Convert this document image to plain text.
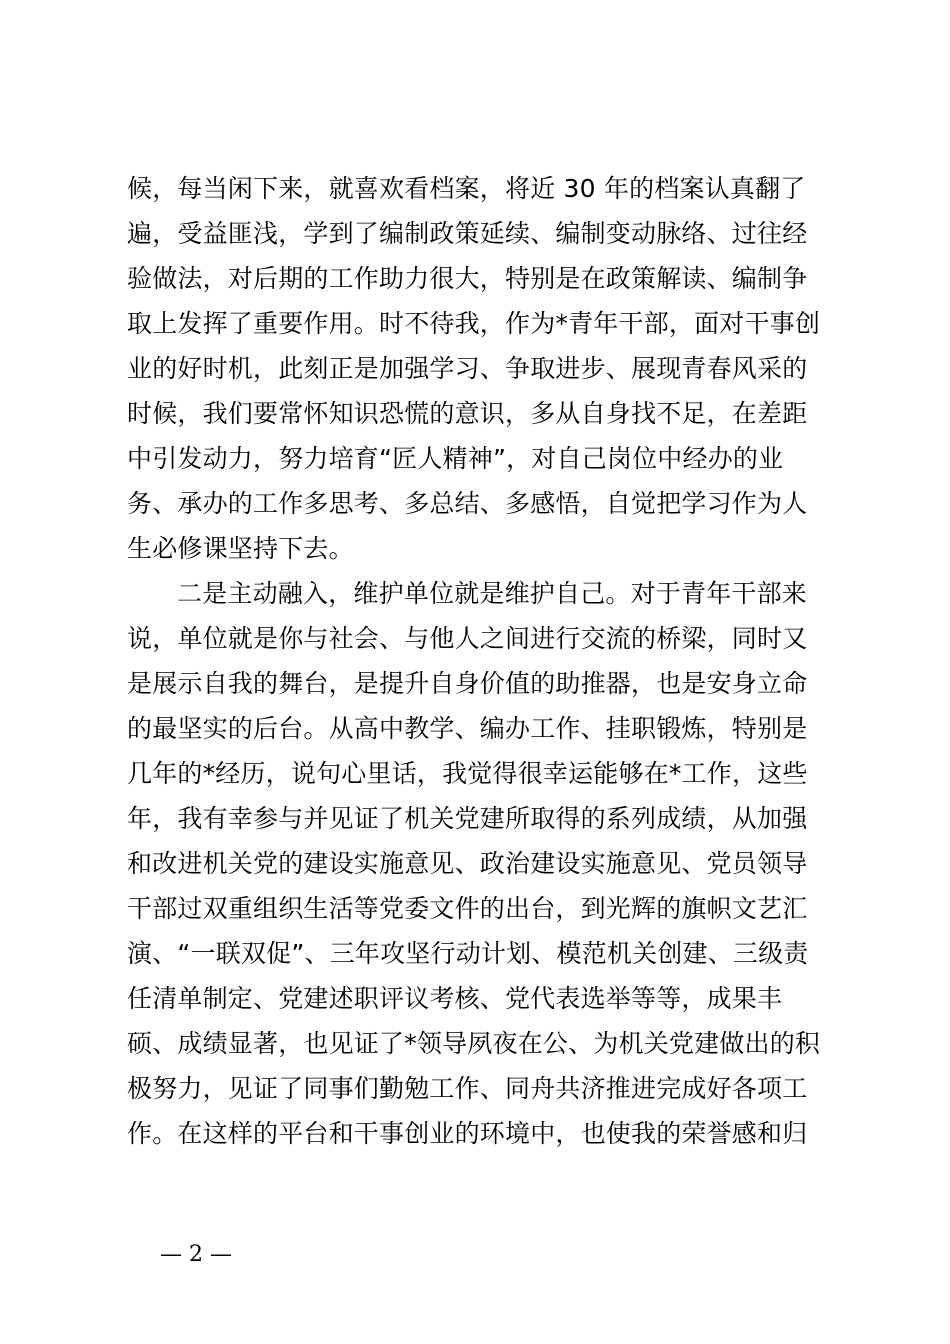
候，每当闲下来，就喜欢看档案，将近 30 年的档案认真翻了
遍，受益匪浅，学到了编制政策延续、编制变动脉络、过往经
验做法，对后期的工作助力很大，特别是在政策解读、编制争
取上发挥了重要作用。时不待我，作为*青年干部，面对干事创
业的好时机，此刻正是加强学习、争取进步、展现青春风采的
时候，我们要常怀知识恐慌的意识，多从自身找不足，在差距
中引发动力，努力培育“匠人精神”，对自己岗位中经办的业
务、承办的工作多思考、多总结、多感悟，自觉把学习作为人
生必修课坚持下去。
二是主动融入，维护单位就是维护自己。对于青年干部来
说，单位就是你与社会、与他人之间进行交流的桥梁，同时又
是展示自我的舞台，是提升自身价值的助推器，也是安身立命
的最坚实的后台。从高中教学、编办工作、挂职锻炼，特别是
几年的*经历，说句心里话，我觉得很幸运能够在*工作，这些
年，我有幸参与并见证了机关党建所取得的系列成绩，从加强
和改进机关党的建设实施意见、政治建设实施意见、党员领导
干部过双重组织生活等党委文件的出台，到光辉的旗帜文艺汇
演、“一联双促”、三年攻坚行动计划、模范机关创建、三级责
任清单制定、党建述职评议考核、党代表选举等等，成果丰
硕、成绩显著，也见证了*领导夙夜在公、为机关党建做出的积
极努力，见证了同事们勤勉工作、同舟共济推进完成好各项工
作。在这样的平台和干事创业的环境中，也使我的荣誉感和归
— 2 —
